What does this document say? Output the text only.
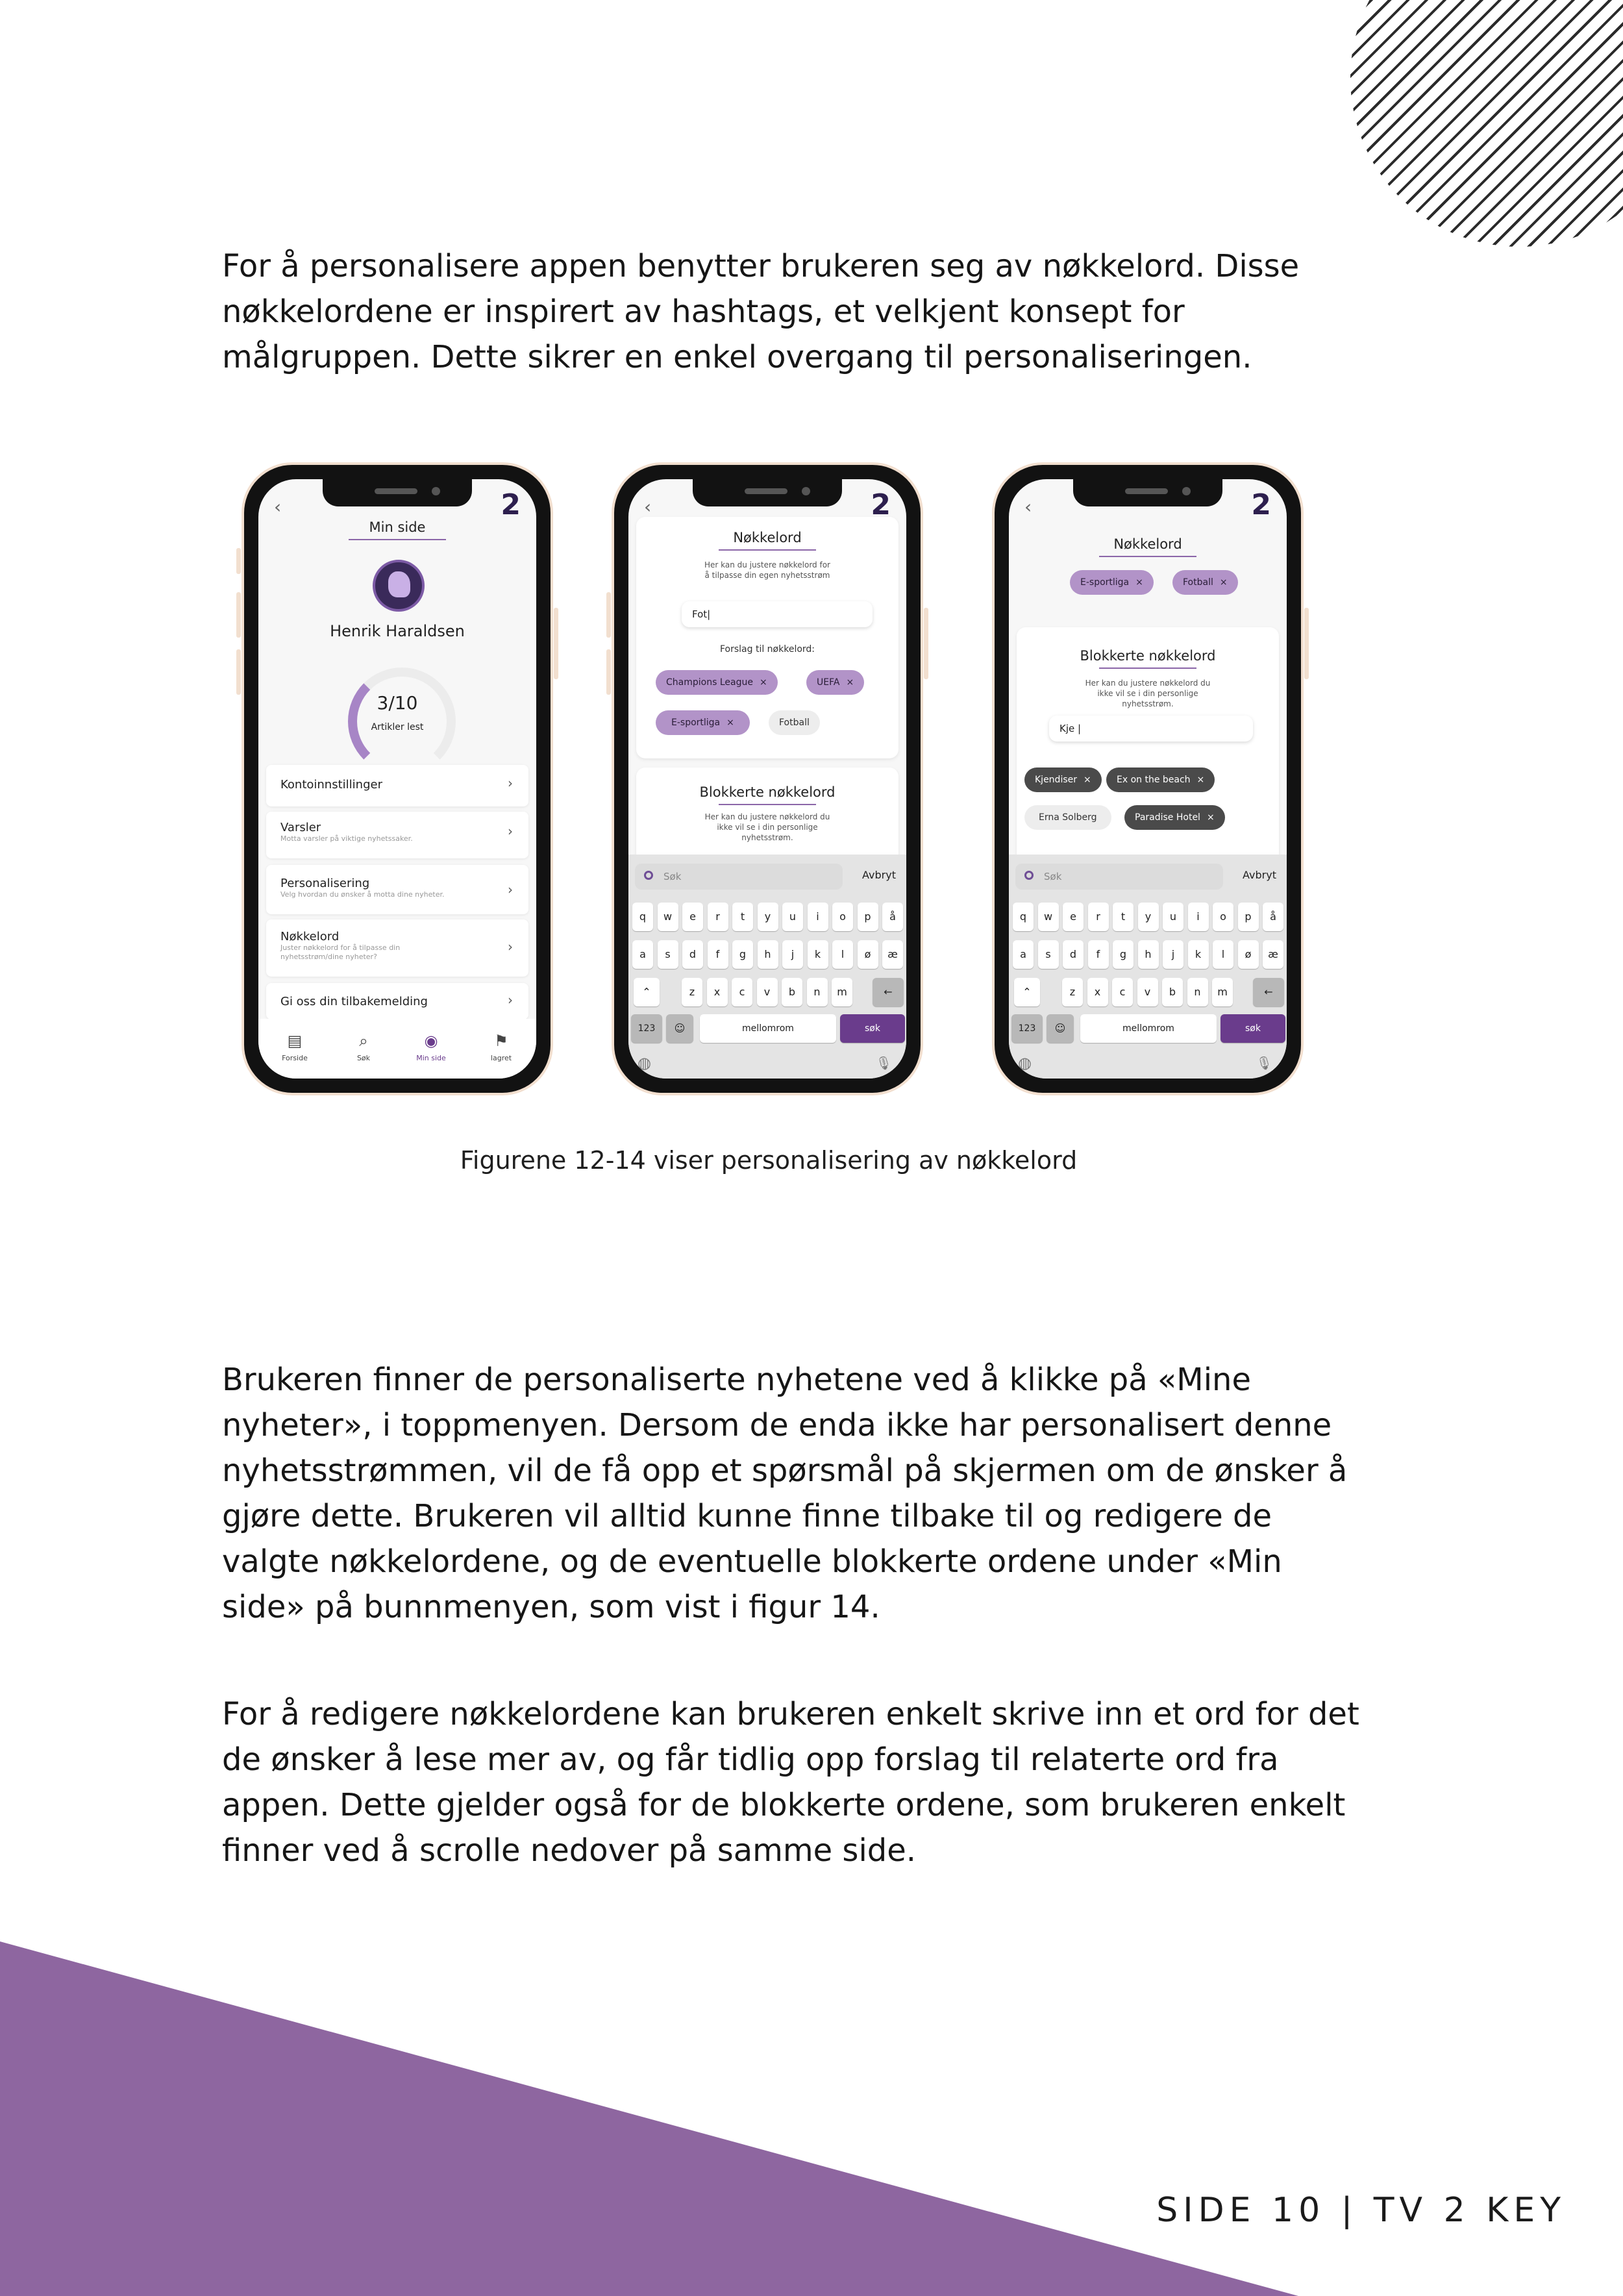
For å personalisere appen benytter brukeren seg av nøkkelord. Disse nøkkelordene er inspirert av hashtags, et velkjent konsept for målgruppen. Dette sikrer en enkel overgang til personaliseringen.

‹	2
Min side
Henrik Haraldsen
3/10
Artikler lest
Kontoinnstillinger	›
Varsler
Motta varsler på viktige nyhetssaker.	›
Personalisering
Velg hvordan du ønsker å motta dine nyheter.	›
Nøkkelord
Juster nøkkelord for å tilpasse din nyhetsstrøm/dine nyheter?
›
Gi oss din tilbakemelding	›
▤
Forside
⌕
Søk
◉
Min side
⚑
lagret
‹	2
Nøkkelord
Her kan du justere nøkkelord for å tilpasse din egen nyhetsstrøm
Fot|
Forslag til nøkkelord:
Champions League ×	UEFA ×
E-sportliga ×	Fotball
Blokkerte nøkkelord
Her kan du justere nøkkelord du ikke vil se i din personlige nyhetsstrøm.
Søk	Avbryt
q	w	e	r	t	y	u	i	o	p	å
a	s	d	f	g	h	j	k	l	ø	æ
⌃	←
z	x	c	v	b	n	m
123	☺	mellomrom	søk
◍	🎙
‹	2
Nøkkelord
E-sportliga ×	Fotball ×
Blokkerte nøkkelord
Her kan du justere nøkkelord du ikke vil se i din personlige nyhetsstrøm.
Kje |
Kjendiser ×	Ex on the beach ×
Erna Solberg	Paradise Hotel ×
Søk	Avbryt
q	w	e	r	t	y	u	i	o	p	å
a	s	d	f	g	h	j	k	l	ø	æ
⌃	←
z	x	c	v	b	n	m
123	☺	mellomrom	søk
◍	🎙
Figurene 12-14 viser personalisering av nøkkelord

Brukeren finner de personaliserte nyhetene ved å klikke på «Mine nyheter», i toppmenyen. Dersom de enda ikke har personalisert denne nyhetsstrømmen, vil de få opp et spørsmål på skjermen om de ønsker å gjøre dette. Brukeren vil alltid kunne finne tilbake til og redigere de valgte nøkkelordene, og de eventuelle blokkerte ordene under «Min side» på bunnmenyen, som vist i figur 14.

For å redigere nøkkelordene kan brukeren enkelt skrive inn et ord for det de ønsker å lese mer av, og får tidlig opp forslag til relaterte ord fra appen. Dette gjelder også for de blokkerte ordene, som brukeren enkelt finner ved å scrolle nedover på samme side.

SIDE 10 | TV 2 KEY
